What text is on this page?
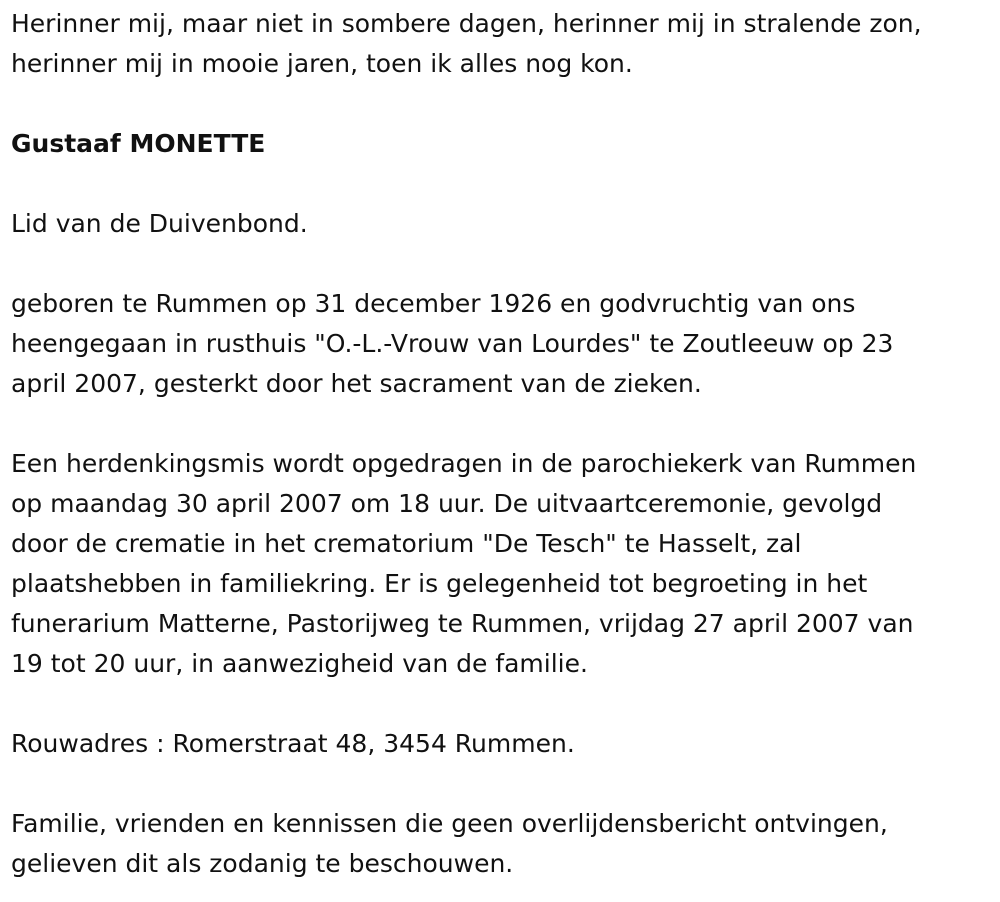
Herinner mij, maar niet in sombere dagen, herinner mij in stralende zon,
herinner mij in mooie jaren, toen ik alles nog kon.

Gustaaf MONETTE

Lid van de Duivenbond.

geboren te Rummen op 31 december 1926 en godvruchtig van ons
heengegaan in rusthuis "O.-L.-Vrouw van Lourdes" te Zoutleeuw op 23
april 2007, gesterkt door het sacrament van de zieken.

Een herdenkingsmis wordt opgedragen in de parochiekerk van Rummen
op maandag 30 april 2007 om 18 uur. De uitvaartceremonie, gevolgd
door de crematie in het crematorium "De Tesch" te Hasselt, zal
plaatshebben in familiekring. Er is gelegenheid tot begroeting in het
funerarium Matterne, Pastorijweg te Rummen, vrijdag 27 april 2007 van
19 tot 20 uur, in aanwezigheid van de familie.

Rouwadres : Romerstraat 48, 3454 Rummen.

Familie, vrienden en kennissen die geen overlijdensbericht ontvingen,
gelieven dit als zodanig te beschouwen.
